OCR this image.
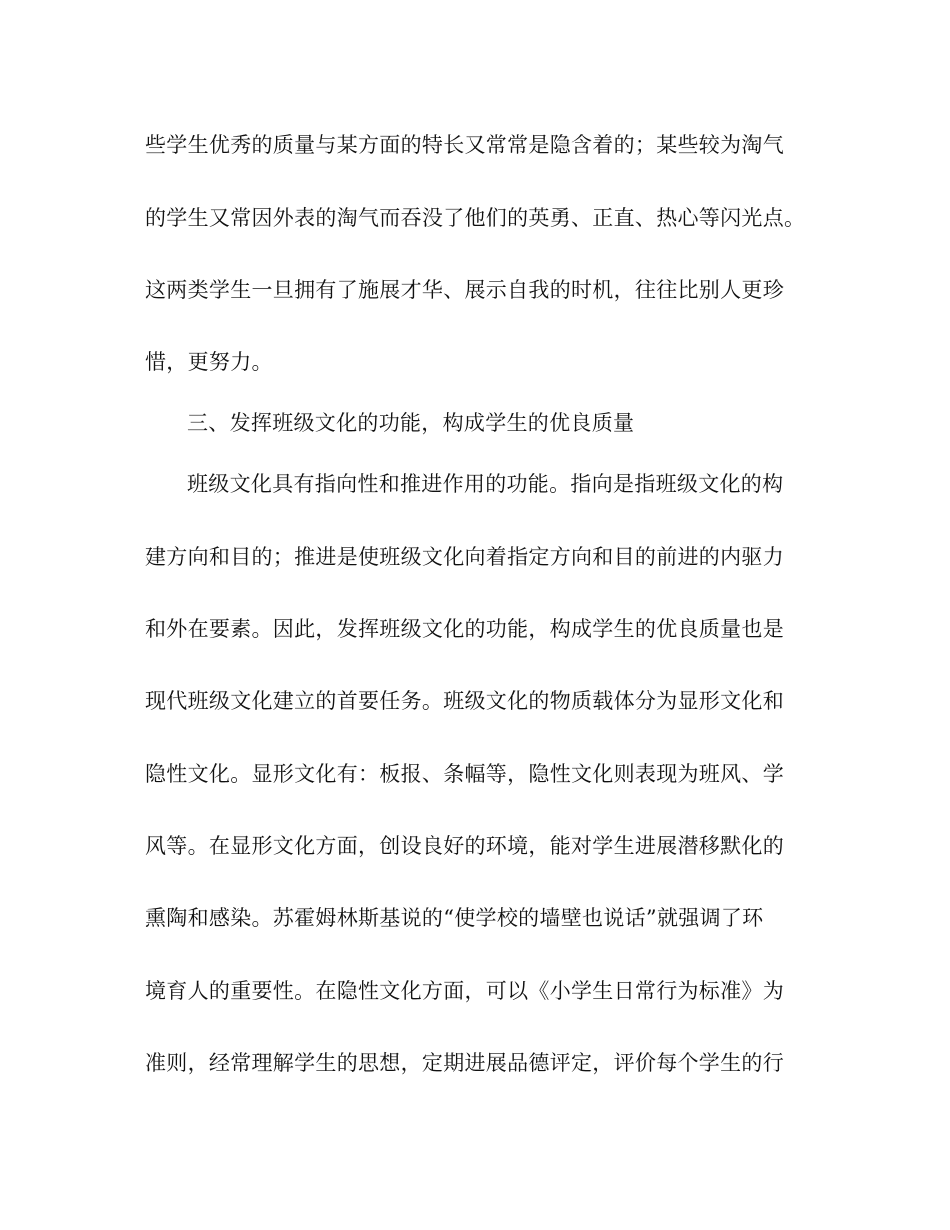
些学生优秀的质量与某方面的特长又常常是隐含着的；某些较为淘气
的学生又常因外表的淘气而吞没了他们的英勇、正直、热心等闪光点。
这两类学生一旦拥有了施展才华、展示自我的时机，往往比别人更珍
惜，更努力。
三、发挥班级文化的功能，构成学生的优良质量
班级文化具有指向性和推进作用的功能。指向是指班级文化的构
建方向和目的；推进是使班级文化向着指定方向和目的前进的内驱力
和外在要素。因此，发挥班级文化的功能，构成学生的优良质量也是
现代班级文化建立的首要任务。班级文化的物质载体分为显形文化和
隐性文化。显形文化有：板报、条幅等，隐性文化则表现为班风、学
风等。在显形文化方面，创设良好的环境，能对学生进展潜移默化的
熏陶和感染。苏霍姆林斯基说的“使学校的墙壁也说话”就强调了环
境育人的重要性。在隐性文化方面，可以《小学生日常行为标准》为
准则，经常理解学生的思想，定期进展品德评定，评价每个学生的行
